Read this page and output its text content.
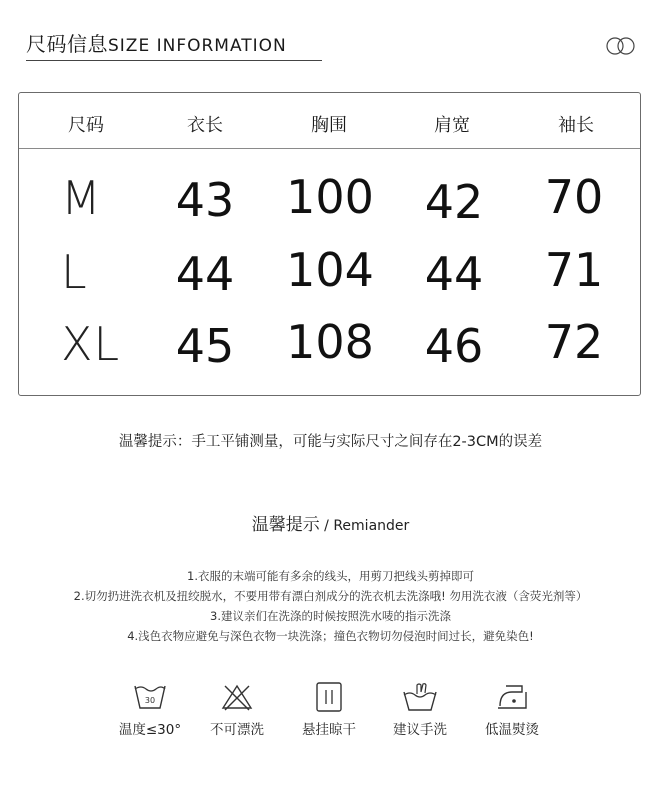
尺码信息SIZE INFORMATION
尺码	衣长	胸围	肩宽	袖长
M	43	100	42	70
L	44	104	44	71
XL	45	108	46	72
温馨提示：手工平铺测量，可能与实际尺寸之间存在2-3CM的误差
温馨提示 / Remiander
1.衣服的末端可能有多余的线头，用剪刀把线头剪掉即可
2.切勿扔进洗衣机及扭绞脱水，不要用带有漂白剂成分的洗衣机去洗涤哦! 勿用洗衣液（含荧光剂等）
3.建议亲们在洗涤的时候按照洗水唛的指示洗涤
4.浅色衣物应避免与深色衣物一块洗涤；撞色衣物切勿侵泡时间过长，避免染色!
30
温度≤30°	不可漂洗	悬挂晾干	建议手洗	低温熨烫
